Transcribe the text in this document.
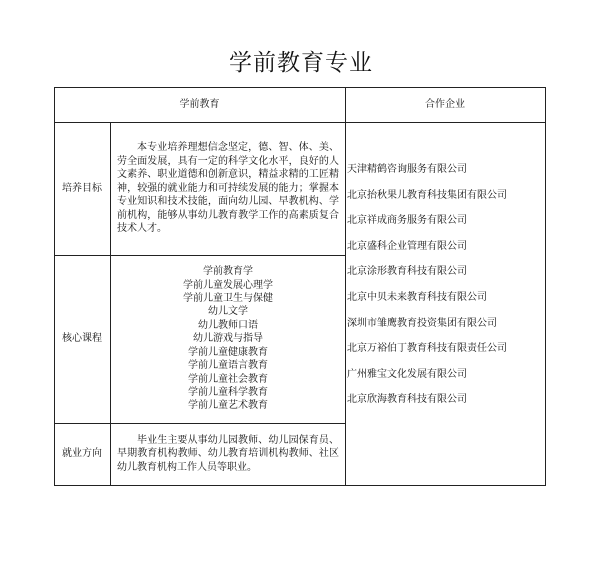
学前教育专业
学前教育	合作企业
培养目标
本专业培养理想信念坚定，德、智、体、美、劳全面发展，具有一定的科学文化水平，良好的人文素养、职业道德和创新意识，精益求精的工匠精神，较强的就业能力和可持续发展的能力；掌握本专业知识和技术技能，面向幼儿园、早教机构、学前机构，能够从事幼儿教育教学工作的高素质复合技术人才。
核心课程
学前教育学
学前儿童发展心理学
学前儿童卫生与保健
幼儿文学
幼儿教师口语
幼儿游戏与指导
学前儿童健康教育
学前儿童语言教育
学前儿童社会教育
学前儿童科学教育
学前儿童艺术教育
就业方向
毕业生主要从事幼儿园教师、幼儿园保育员、早期教育机构教师、幼儿教育培训机构教师、社区幼儿教育机构工作人员等职业。
天津精鹤咨询服务有限公司
北京抬秋果儿教育科技集团有限公司
北京祥成商务服务有限公司
北京盛科企业管理有限公司
北京涂形教育科技有限公司
北京中贝未来教育科技有限公司
深圳市雏鹰教育投资集团有限公司
北京万裕伯丁教育科技有限责任公司
广州雅宝文化发展有限公司
北京欣海教育科技有限公司
